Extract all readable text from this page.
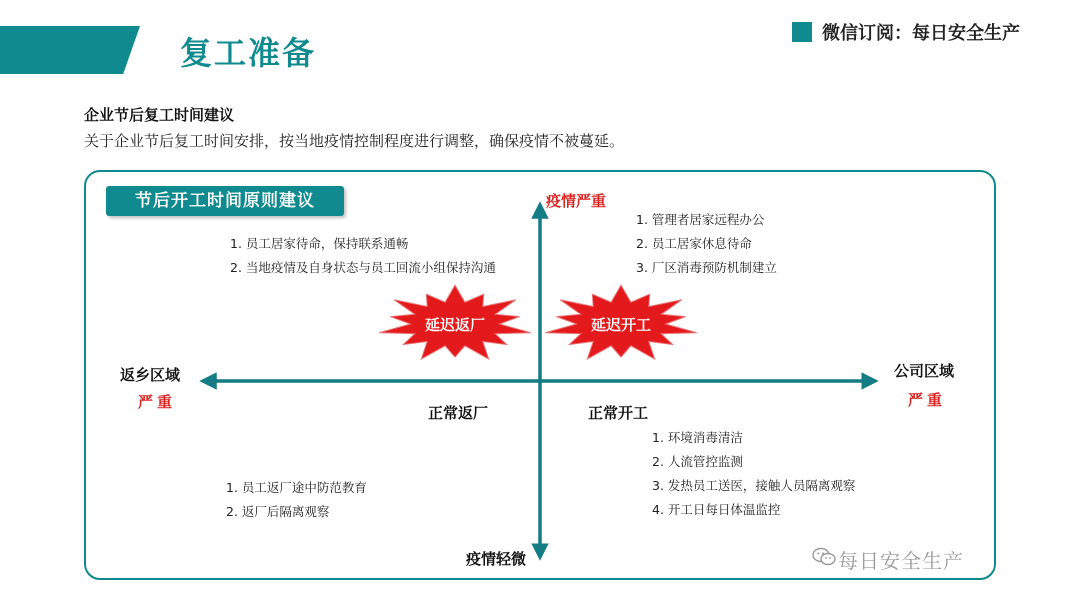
复工准备
微信订阅：每日安全生产
企业节后复工时间建议
关于企业节后复工时间安排，按当地疫情控制程度进行调整，确保疫情不被蔓延。
节后开工时间原则建议
延迟返厂	延迟开工
疫情严重
疫情轻微
返乡区域
严重
公司区域
严重
正常返厂	正常开工
1. 员工居家待命，保持联系通畅
2. 当地疫情及自身状态与员工回流小组保持沟通
1. 管理者居家远程办公
2. 员工居家休息待命
3. 厂区消毒预防机制建立
1. 员工返厂途中防范教育
2. 返厂后隔离观察
1. 环境消毒清洁
2. 人流管控监测
3. 发热员工送医，接触人员隔离观察
4. 开工日每日体温监控
每日安全生产
